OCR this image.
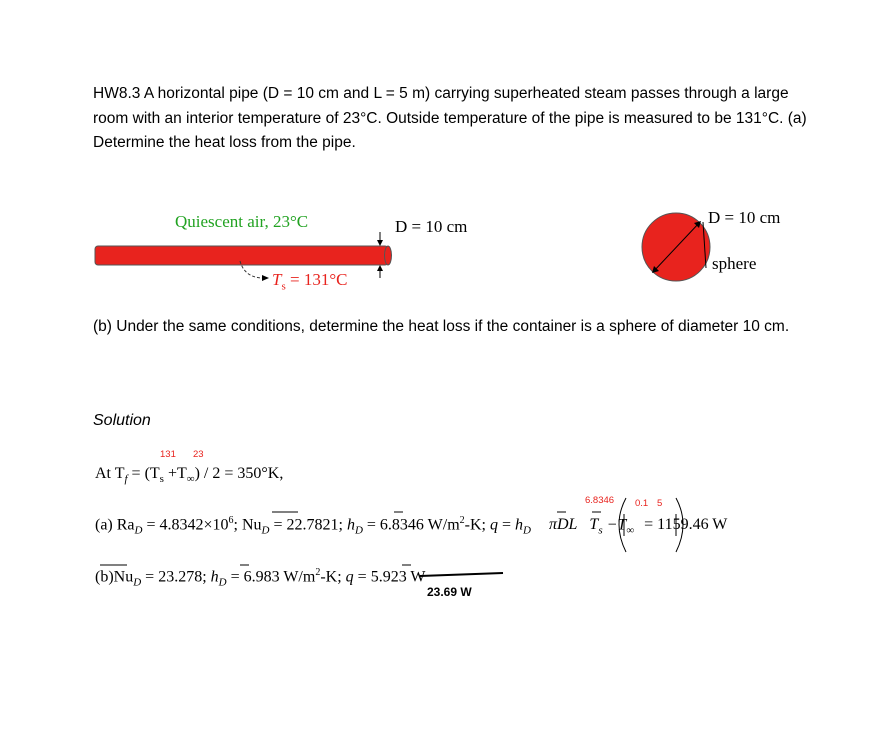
HW8.3 A horizontal pipe (D = 10 cm and L = 5 m) carrying superheated steam passes through a large room with an interior temperature of 23°C. Outside temperature of the pipe is measured to be 131°C. (a) Determine the heat loss from the pipe.

Quiescent air, 23°C	D = 10 cm
$T_s = 131^\circ C$
D = 10 cm
sphere
(b) Under the same conditions, determine the heat loss if the container is a sphere of diameter 10 cm.
Solution
131 23
At $T_f = (T_s +T_\infty) / 2 = 350^\circ K$,
6.8346 0.1 5
(a) $Ra_D = 4.8342\times 10^6$; $Nu_D = 22.7821$; $h_D = 6.8346$ $W/m^2-K$; $q = h_D$ πDL $T_s -T_\infty = 1159.46$ W
$(b)Nu_D = 23.278$; $h_D = 6.983$ $W/m^2-K$; q = 5.923 W
23.69 W
